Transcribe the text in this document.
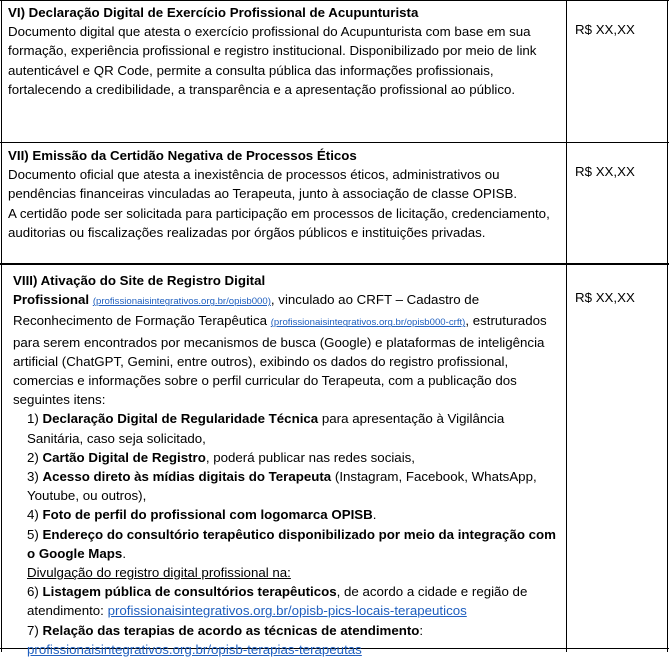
VI) Declaração Digital de Exercício Profissional de Acupunturista

Documento digital que atesta o exercício profissional do Acupunturista com base em sua formação, experiência profissional e registro institucional. Disponibilizado por meio de link autenticável e QR Code, permite a consulta pública das informações profissionais, fortalecendo a credibilidade, a transparência e a apresentação profissional ao público.

R$ XX,XX

VII) Emissão da Certidão Negativa de Processos Éticos

Documento oficial que atesta a inexistência de processos éticos, administrativos ou pendências financeiras vinculadas ao Terapeuta, junto à associação de classe OPISB.

A certidão pode ser solicitada para participação em processos de licitação, credenciamento, auditorias ou fiscalizações realizadas por órgãos públicos e instituições privadas.

R$ XX,XX

VIII) Ativação do Site de Registro Digital

Profissional (profissionaisintegrativos.org.br/opisb000), vinculado ao CRFT – Cadastro de Reconhecimento de Formação Terapêutica (profissionaisintegrativos.org.br/opisb000-crft), estruturados para serem encontrados por mecanismos de busca (Google) e plataformas de inteligência artificial (ChatGPT, Gemini, entre outros), exibindo os dados do registro profissional, comercias e informações sobre o perfil curricular do Terapeuta, com a publicação dos seguintes itens:

1) Declaração Digital de Regularidade Técnica para apresentação à Vigilância Sanitária, caso seja solicitado,
2) Cartão Digital de Registro, poderá publicar nas redes sociais,
3) Acesso direto às mídias digitais do Terapeuta (Instagram, Facebook, WhatsApp, Youtube, ou outros),
4) Foto de perfil do profissional com logomarca OPISB.
5) Endereço do consultório terapêutico disponibilizado por meio da integração com o Google Maps.
Divulgação do registro digital profissional na:
6) Listagem pública de consultórios terapêuticos, de acordo a cidade e região de atendimento: profissionaisintegrativos.org.br/opisb-pics-locais-terapeuticos
7) Relação das terapias de acordo as técnicas de atendimento:
profissionaisintegrativos.org.br/opisb-terapias-terapeutas
R$ XX,XX
